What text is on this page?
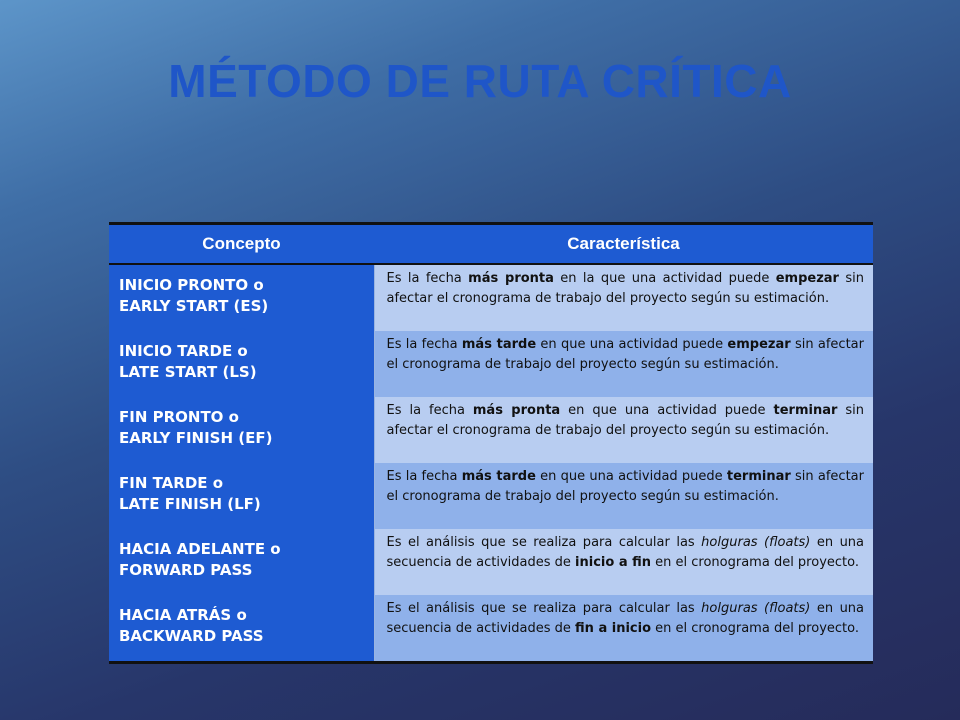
MÉTODO DE RUTA CRÍTICA
Concepto	Característica
INICIO PRONTO o
EARLY START (ES)	Es la fecha más pronta en la que una actividad puede empezar sin afectar el cronograma de trabajo del proyecto según su estimación.
INICIO TARDE o
LATE START (LS)	Es la fecha más tarde en que una actividad puede empezar sin afectar el cronograma de trabajo del proyecto según su estimación.
FIN PRONTO o
EARLY FINISH (EF)	Es la fecha más pronta en que una actividad puede terminar sin afectar el cronograma de trabajo del proyecto según su estimación.
FIN TARDE o
LATE FINISH (LF)	Es la fecha más tarde en que una actividad puede terminar sin afectar el cronograma de trabajo del proyecto según su estimación.
HACIA ADELANTE o
FORWARD PASS	Es el análisis que se realiza para calcular las holguras (floats) en una secuencia de actividades de inicio a fin en el cronograma del proyecto.
HACIA ATRÁS o
BACKWARD PASS	Es el análisis que se realiza para calcular las holguras (floats) en una secuencia de actividades de fin a inicio en el cronograma del proyecto.
